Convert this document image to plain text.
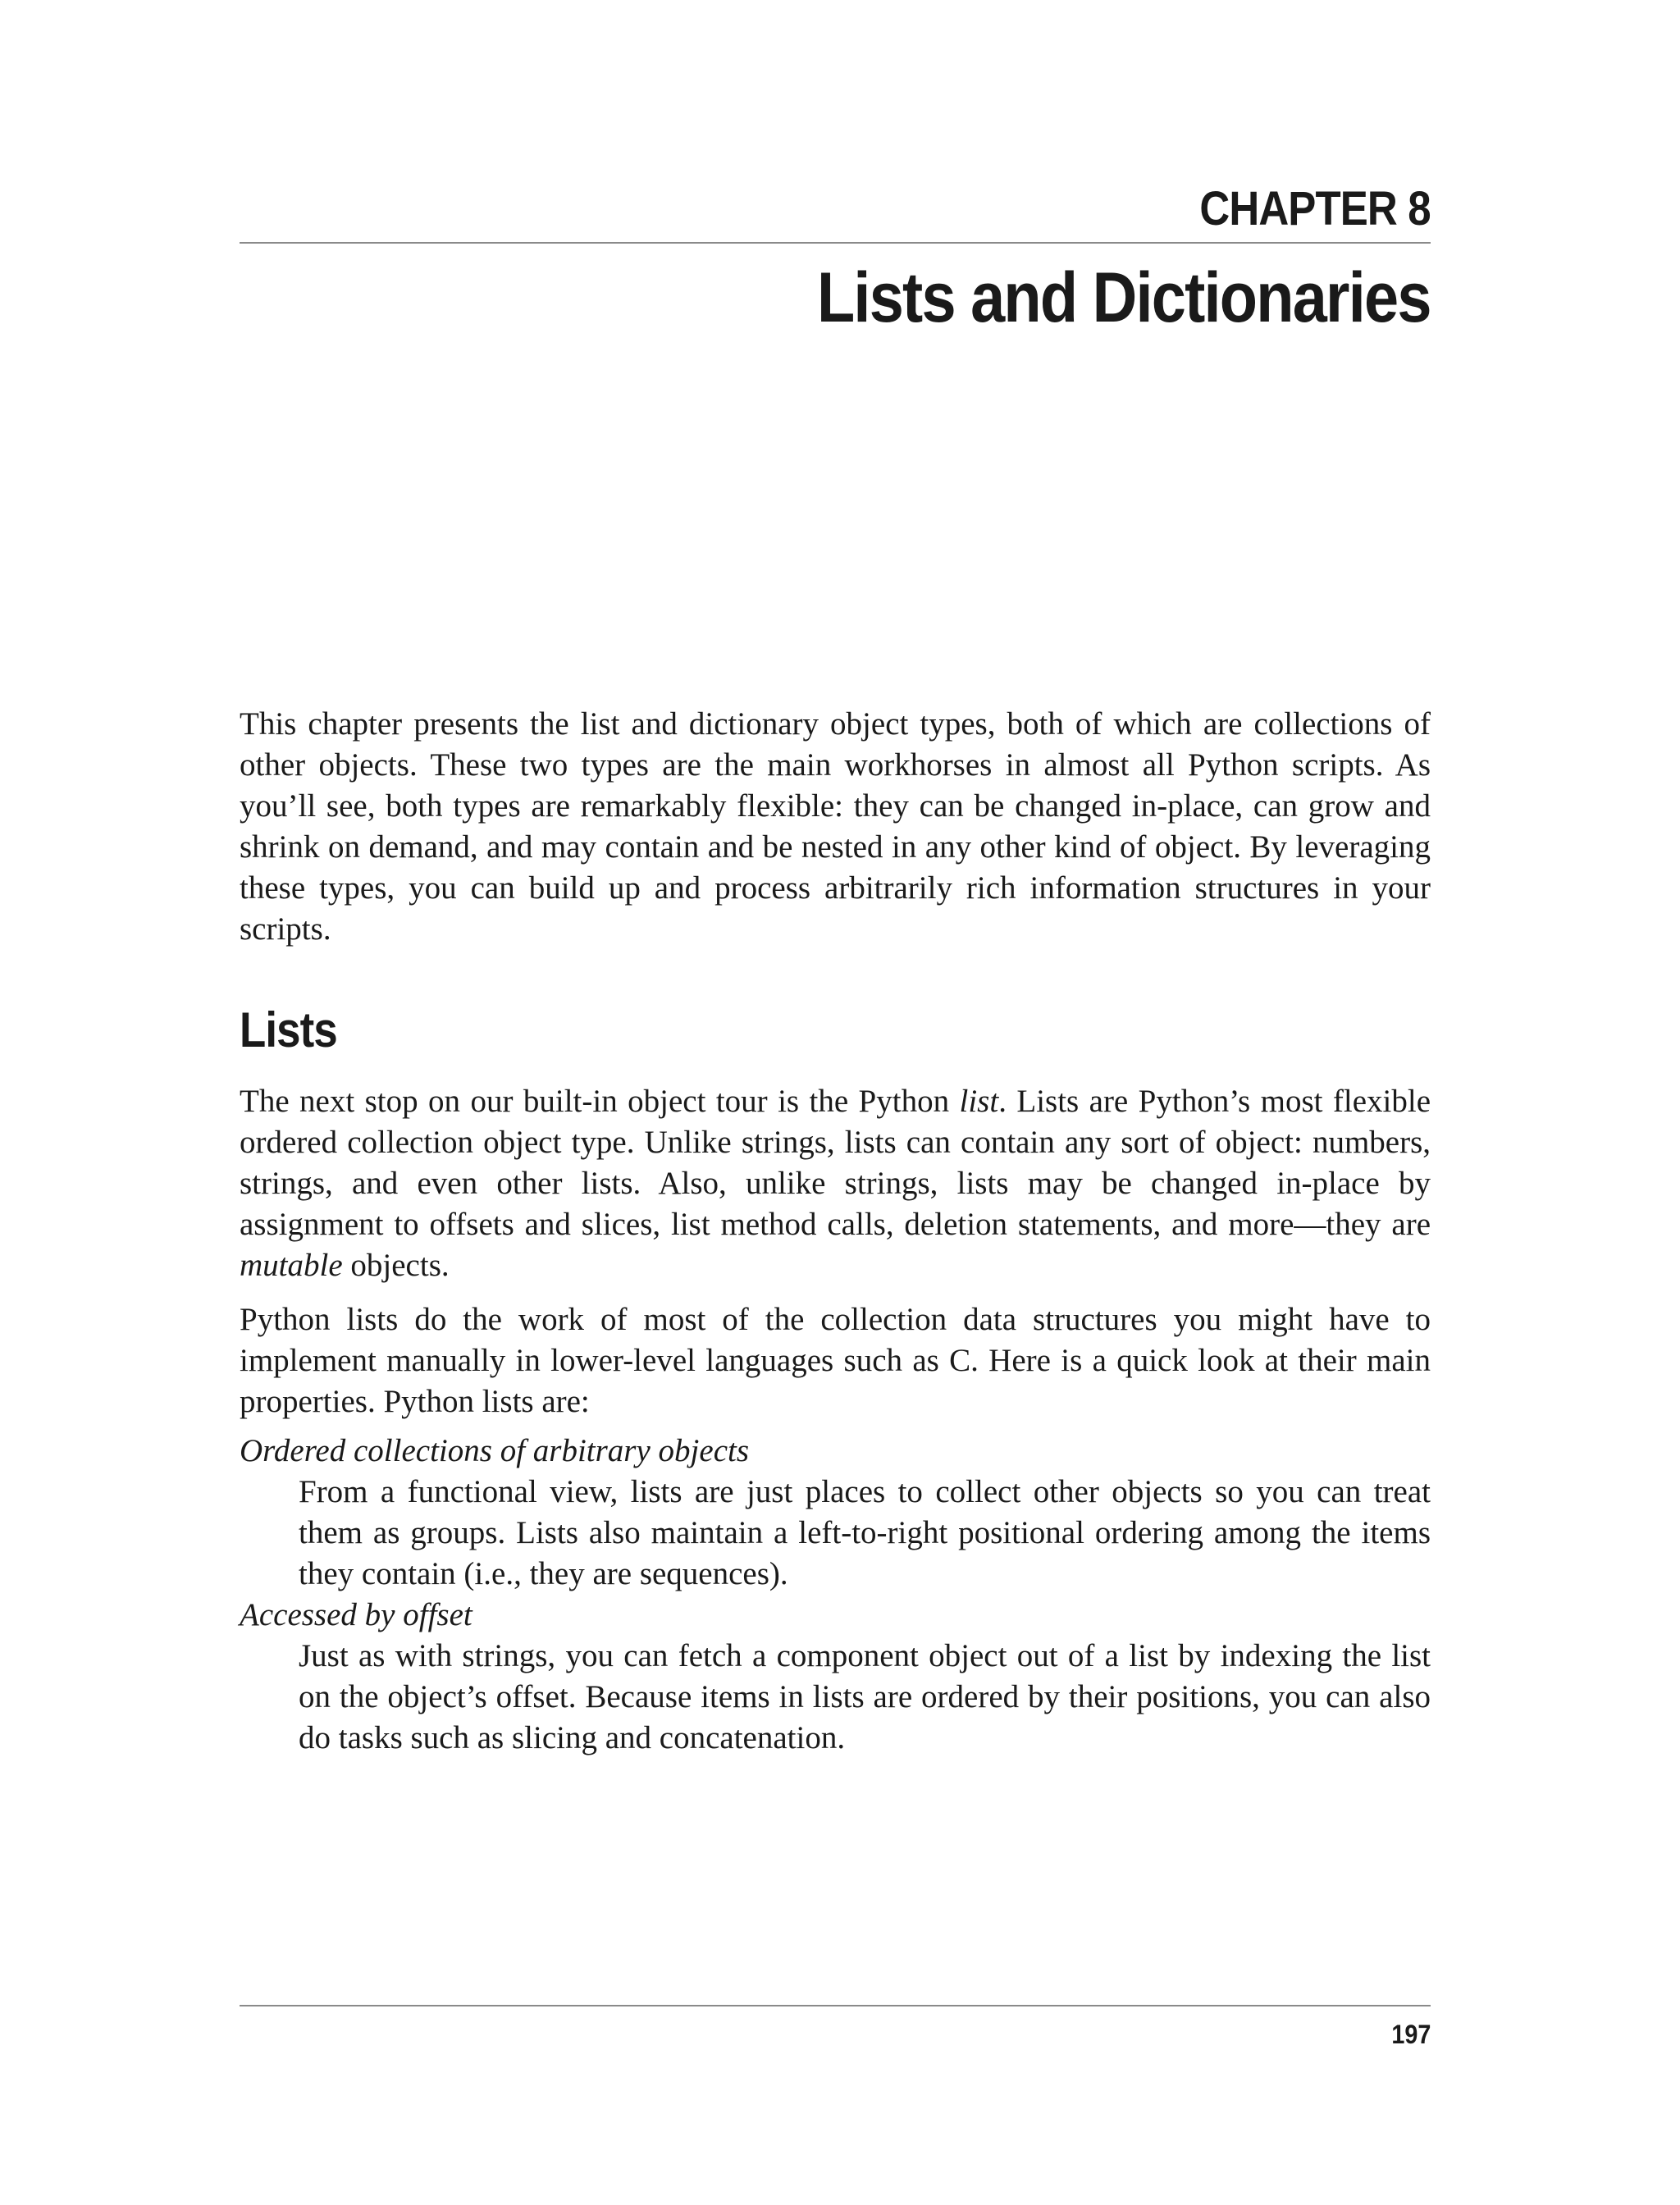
CHAPTER 8
Lists and Dictionaries

This chapter presents the list and dictionary object types, both of which are collections of other objects. These two types are the main workhorses in almost all Python scripts. As you’ll see, both types are remarkably flexible: they can be changed in-place, can grow and shrink on demand, and may contain and be nested in any other kind of object. By leveraging these types, you can build up and process arbitrarily rich information structures in your scripts.

Lists

The next stop on our built-in object tour is the Python list. Lists are Python’s most flexible ordered collection object type. Unlike strings, lists can contain any sort of object: numbers, strings, and even other lists. Also, unlike strings, lists may be changed in-place by assignment to offsets and slices, list method calls, deletion statements, and more—they are mutable objects.

Python lists do the work of most of the collection data structures you might have to implement manually in lower-level languages such as C. Here is a quick look at their main properties. Python lists are:

Ordered collections of arbitrary objects

From a functional view, lists are just places to collect other objects so you can treat them as groups. Lists also maintain a left-to-right positional ordering among the items they contain (i.e., they are sequences).

Accessed by offset

Just as with strings, you can fetch a component object out of a list by indexing the list on the object’s offset. Because items in lists are ordered by their positions, you can also do tasks such as slicing and concatenation.

197
